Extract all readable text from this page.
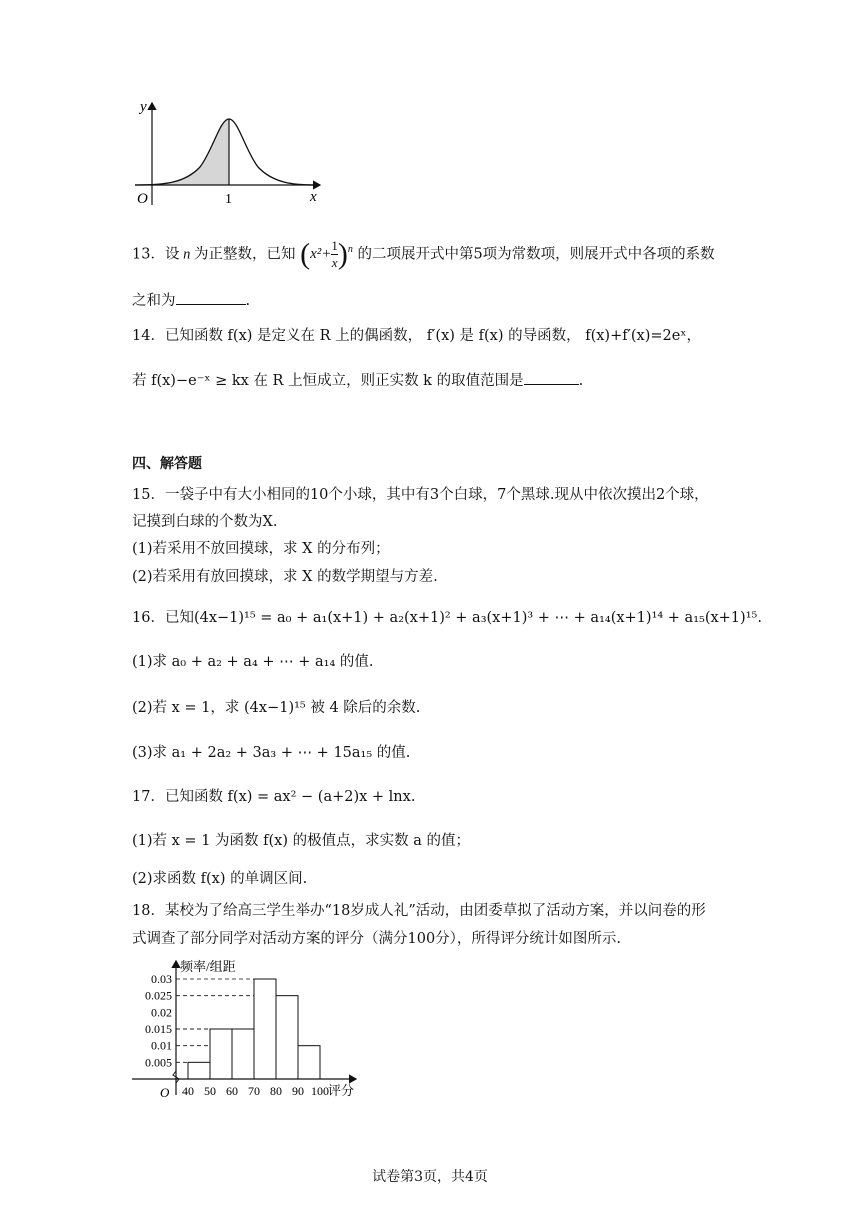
y
x
O	1
13．设 n 为正整数，已知 $(x^2+ \frac{1}{x} )^n$ 的二项展开式中第5项为常数项，则展开式中各项的系数
之和为	.
14．已知函数 f(x) 是定义在 R 上的偶函数， f′(x) 是 f(x) 的导函数， f(x)+f′(x)=2eˣ，
若 f(x)−e⁻ˣ ≥ kx 在 R 上恒成立，则正实数 k 的取值范围是	.
四、解答题
15．一袋子中有大小相同的10个小球，其中有3个白球，7个黑球.现从中依次摸出2个球，
记摸到白球的个数为X.
(1)若采用不放回摸球，求 X 的分布列；
(2)若采用有放回摸球，求 X 的数学期望与方差.
16．已知(4x−1)¹⁵ = a₀ + a₁(x+1) + a₂(x+1)² + a₃(x+1)³ + ⋯ + a₁₄(x+1)¹⁴ + a₁₅(x+1)¹⁵.
(1)求 a₀ + a₂ + a₄ + ⋯ + a₁₄ 的值.
(2)若 x = 1，求 (4x−1)¹⁵ 被 4 除后的余数.
(3)求 a₁ + 2a₂ + 3a₃ + ⋯ + 15a₁₅ 的值.
17．已知函数 f(x) = ax² − (a+2)x + lnx.
(1)若 x = 1 为函数 f(x) 的极值点，求实数 a 的值；
(2)求函数 f(x) 的单调区间.
18．某校为了给高三学生举办“18岁成人礼”活动，由团委草拟了活动方案，并以问卷的形
式调查了部分同学对活动方案的评分（满分100分），所得评分统计如图所示.
频率/组距
评分
O
0.03
0.025
0.02
0.015
0.01
0.005
40 50 60 70 80 90 100
试卷第3页，共4页
